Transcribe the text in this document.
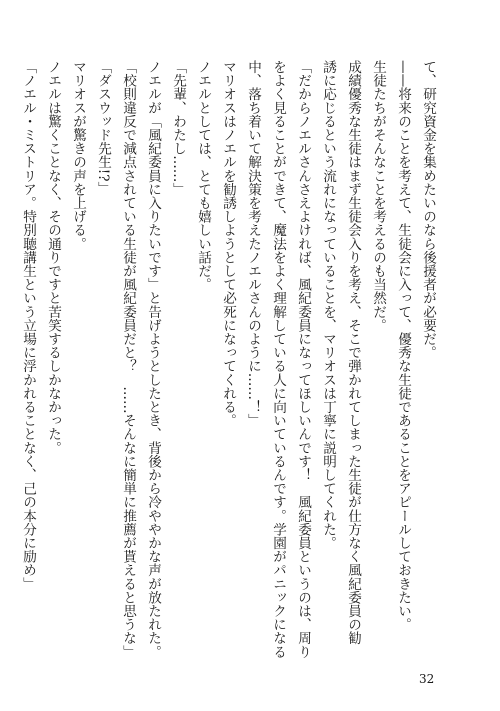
て、研究資金を集めたいのなら後援者が必要だ。
——将来のことを考えて、生徒会に入って、優秀な生徒であることをアピールしておきたい。
生徒たちがそんなことを考えるのも当然だ。
成績優秀な生徒はまず生徒会入りを考え、そこで弾かれてしまった生徒が仕方なく風紀委員の勧
誘に応じるという流れになっていることを、マリオスは丁寧に説明してくれた。
「だからノエルさんさえよければ、風紀委員になってほしいんです！　風紀委員というのは、周り
をよく見ることができて、魔法をよく理解している人に向いているんです。学園がパニックになる
中、落ち着いて解決策を考えたノエルさんのように……！」
マリオスはノエルを勧誘しようとして必死になってくれる。
ノエルとしては、とても嬉しい話だ。
「先輩、わたし……」
ノエルが「風紀委員に入りたいです」と告げようとしたとき、背後から冷ややかな声が放たれた。
「校則違反で減点されている生徒が風紀委員だと？　……そんなに簡単に推薦が貰えると思うな」
「ダスウッド先生!?」
マリオスが驚きの声を上げる。
ノエルは驚くことなく、その通りですと苦笑するしかなかった。
「ノエル・ミストリア。特別聴講生という立場に浮かれることなく、己の本分に励め」
32
